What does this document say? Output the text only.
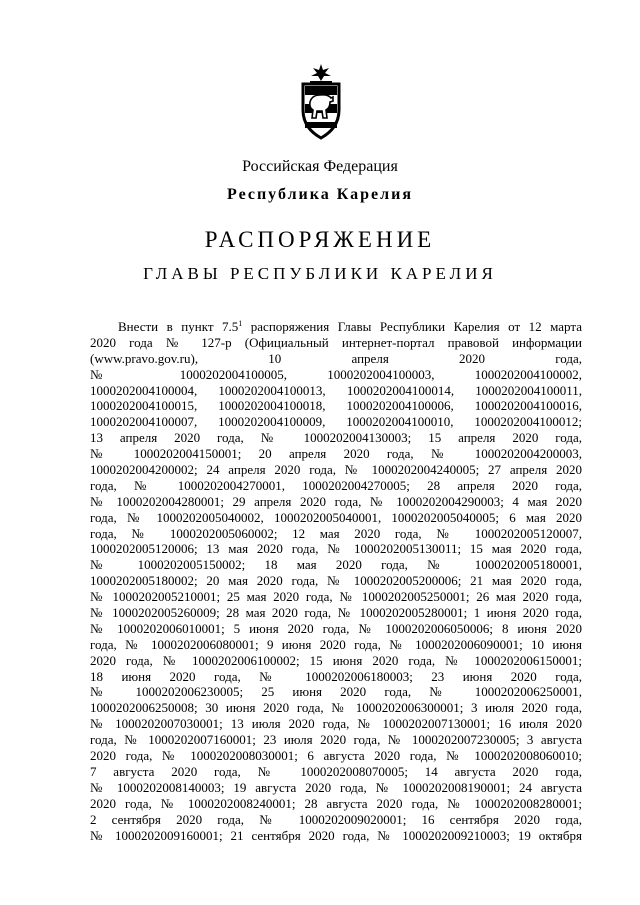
Российская Федерация
Республика Карелия
РАСПОРЯЖЕНИЕ
ГЛАВЫ РЕСПУБЛИКИ КАРЕЛИЯ
Внести в пункт $7.5^1$ распоряжения Главы Республики Карелия от 12 марта
2020 года № 127-р (Официальный интернет-портал правовой информации
(www.pravo.gov.ru), 10 апреля 2020 года,
№ 1000202004100005, 1000202004100003, 1000202004100002,
1000202004100004, 1000202004100013, 1000202004100014, 1000202004100011,
1000202004100015, 1000202004100018, 1000202004100006, 1000202004100016,
1000202004100007, 1000202004100009, 1000202004100010, 1000202004100012;
13 апреля 2020 года, № 1000202004130003; 15 апреля 2020 года,
№ 1000202004150001; 20 апреля 2020 года, № 1000202004200003,
1000202004200002; 24 апреля 2020 года, № 1000202004240005; 27 апреля 2020
года, № 1000202004270001, 1000202004270005; 28 апреля 2020 года,
№ 1000202004280001; 29 апреля 2020 года, № 1000202004290003; 4 мая 2020
года, № 1000202005040002, 1000202005040001, 1000202005040005; 6 мая 2020
года, № 1000202005060002; 12 мая 2020 года, № 1000202005120007,
1000202005120006; 13 мая 2020 года, № 1000202005130011; 15 мая 2020 года,
№ 1000202005150002; 18 мая 2020 года, № 1000202005180001,
1000202005180002; 20 мая 2020 года, № 1000202005200006; 21 мая 2020 года,
№ 1000202005210001; 25 мая 2020 года, № 1000202005250001; 26 мая 2020 года,
№ 1000202005260009; 28 мая 2020 года, № 1000202005280001; 1 июня 2020 года,
№ 1000202006010001; 5 июня 2020 года, № 1000202006050006; 8 июня 2020
года, № 1000202006080001; 9 июня 2020 года, № 1000202006090001; 10 июня
2020 года, № 1000202006100002; 15 июня 2020 года, № 1000202006150001;
18 июня 2020 года, № 1000202006180003; 23 июня 2020 года,
№ 1000202006230005; 25 июня 2020 года, № 1000202006250001,
1000202006250008; 30 июня 2020 года, № 1000202006300001; 3 июля 2020 года,
№ 1000202007030001; 13 июля 2020 года, № 1000202007130001; 16 июля 2020
года, № 1000202007160001; 23 июля 2020 года, № 1000202007230005; 3 августа
2020 года, № 1000202008030001; 6 августа 2020 года, № 1000202008060010;
7 августа 2020 года, № 1000202008070005; 14 августа 2020 года,
№ 1000202008140003; 19 августа 2020 года, № 1000202008190001; 24 августа
2020 года, № 1000202008240001; 28 августа 2020 года, № 1000202008280001;
2 сентября 2020 года, № 1000202009020001; 16 сентября 2020 года,
№ 1000202009160001; 21 сентября 2020 года, № 1000202009210003; 19 октября
